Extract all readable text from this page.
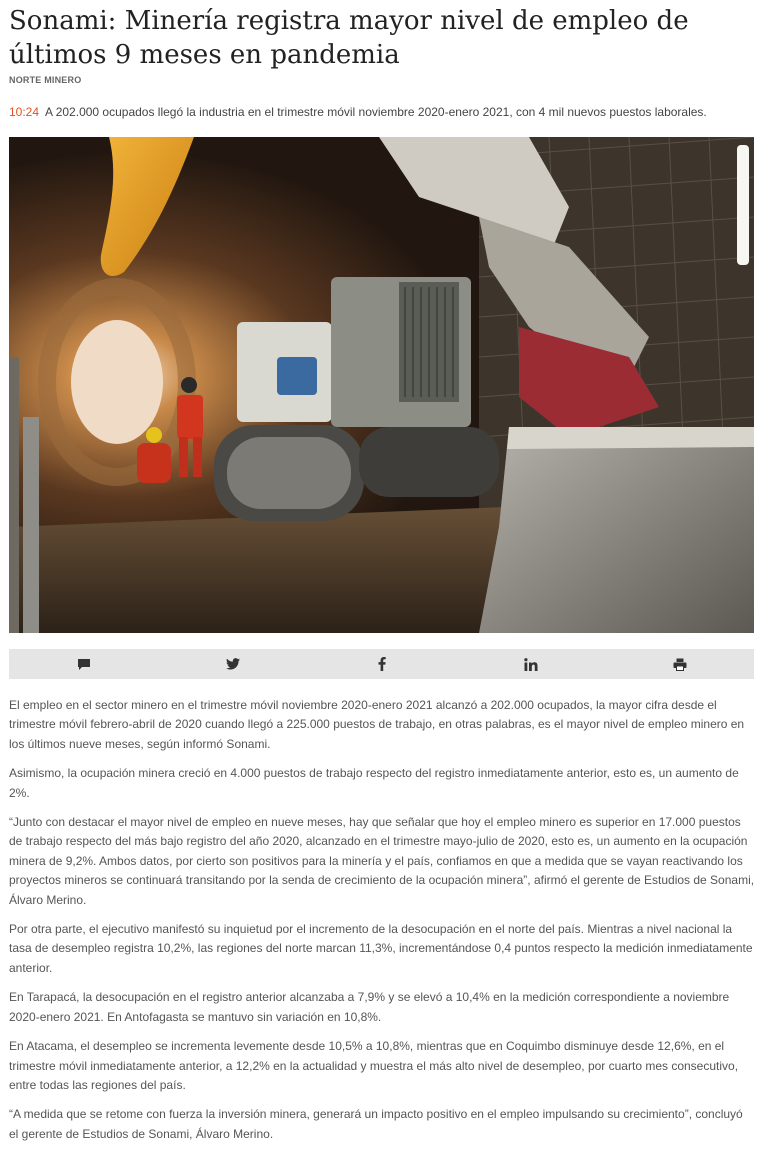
Sonami: Minería registra mayor nivel de empleo de últimos 9 meses en pandemia
NORTE MINERO
10:24 A 202.000 ocupados llegó la industria en el trimestre móvil noviembre 2020-enero 2021, con 4 mil nuevos puestos laborales.

El empleo en el sector minero en el trimestre móvil noviembre 2020-enero 2021 alcanzó a 202.000 ocupados, la mayor cifra desde el trimestre móvil febrero-abril de 2020 cuando llegó a 225.000 puestos de trabajo, en otras palabras, es el mayor nivel de empleo minero en los últimos nueve meses, según informó Sonami.

Asimismo, la ocupación minera creció en 4.000 puestos de trabajo respecto del registro inmediatamente anterior, esto es, un aumento de 2%.

“Junto con destacar el mayor nivel de empleo en nueve meses, hay que señalar que hoy el empleo minero es superior en 17.000 puestos de trabajo respecto del más bajo registro del año 2020, alcanzado en el trimestre mayo-julio de 2020, esto es, un aumento en la ocupación minera de 9,2%. Ambos datos, por cierto son positivos para la minería y el país, confiamos en que a medida que se vayan reactivando los proyectos mineros se continuará transitando por la senda de crecimiento de la ocupación minera”, afirmó el gerente de Estudios de Sonami, Álvaro Merino.

Por otra parte, el ejecutivo manifestó su inquietud por el incremento de la desocupación en el norte del país. Mientras a nivel nacional la tasa de desempleo registra 10,2%, las regiones del norte marcan 11,3%, incrementándose 0,4 puntos respecto la medición inmediatamente anterior.

En Tarapacá, la desocupación en el registro anterior alcanzaba a 7,9% y se elevó a 10,4% en la medición correspondiente a noviembre 2020-enero 2021. En Antofagasta se mantuvo sin variación en 10,8%.

En Atacama, el desempleo se incrementa levemente desde 10,5% a 10,8%, mientras que en Coquimbo disminuye desde 12,6%, en el trimestre móvil inmediatamente anterior, a 12,2% en la actualidad y muestra el más alto nivel de desempleo, por cuarto mes consecutivo, entre todas las regiones del país.

“A medida que se retome con fuerza la inversión minera, generará un impacto positivo en el empleo impulsando su crecimiento”, concluyó el gerente de Estudios de Sonami, Álvaro Merino.
